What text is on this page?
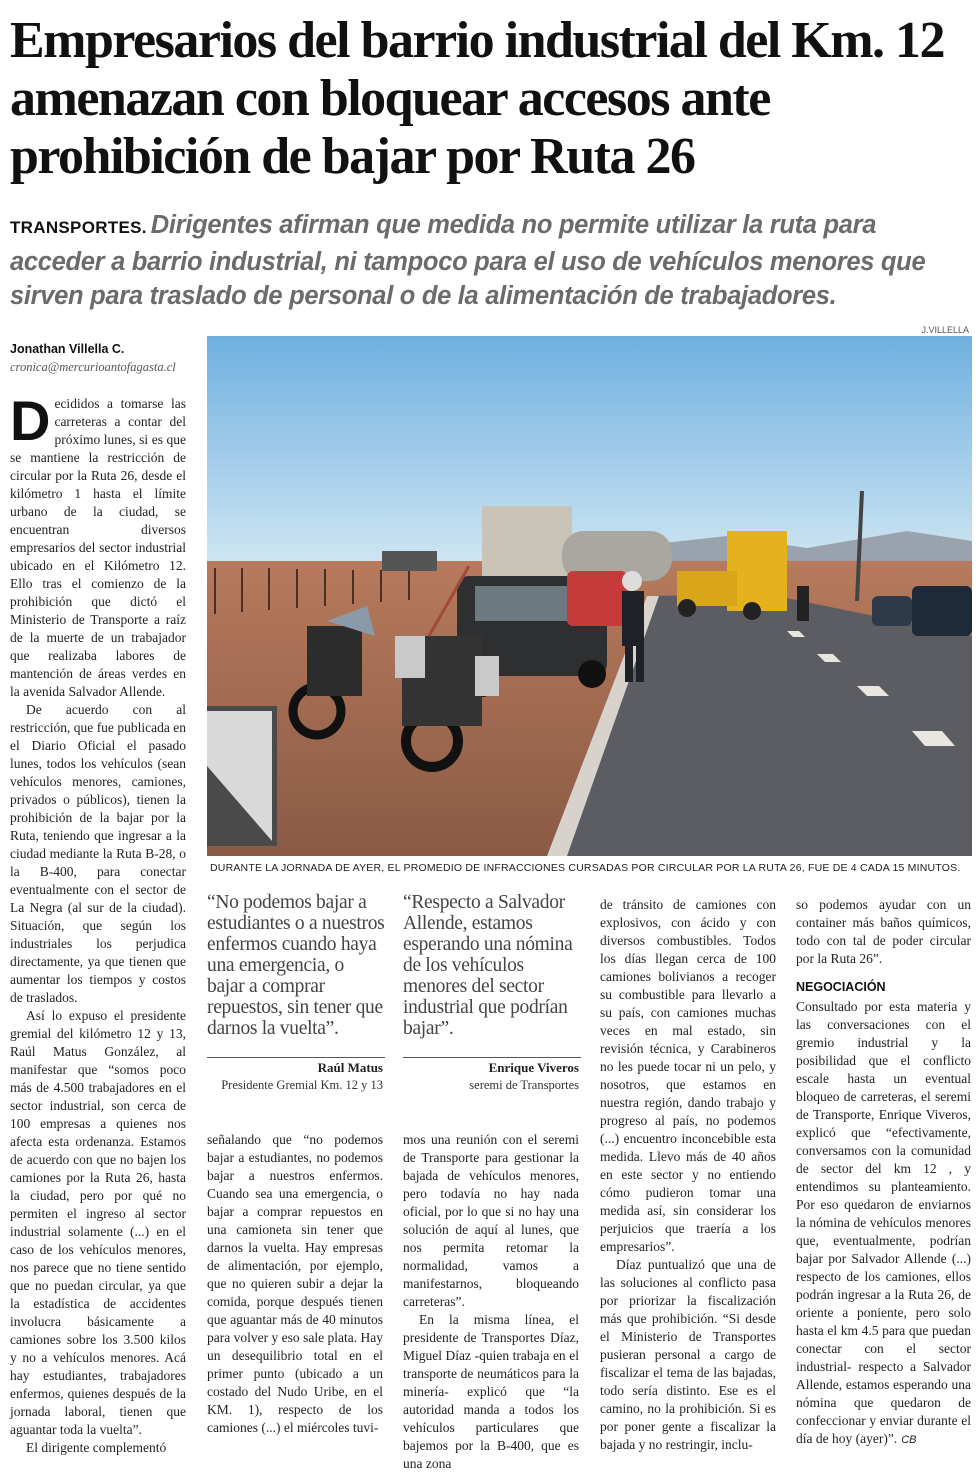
Empresarios del barrio industrial del Km. 12 amenazan con bloquear accesos ante prohibición de bajar por Ruta 26
TRANSPORTES. Dirigentes afirman que medida no permite utilizar la ruta para acceder a barrio industrial, ni tampoco para el uso de vehículos menores que sirven para traslado de personal o de la alimentación de trabajadores.
Jonathan Villella C.
cronica@mercurioantofagasta.cl
J.VILLELLA
DURANTE LA JORNADA DE AYER, EL PROMEDIO DE INFRACCIONES CURSADAS POR CIRCULAR POR LA RUTA 26, FUE DE 4 CADA 15 MINUTOS.

Decididos a tomarse las carreteras a contar del próximo lunes, si es que se mantiene la restricción de circular por la Ruta 26, desde el kilómetro 1 hasta el límite urbano de la ciudad, se encuentran diversos empresarios del sector industrial ubicado en el Kilómetro 12. Ello tras el comienzo de la prohibición que dictó el Ministerio de Transporte a raíz de la muerte de un trabajador que realizaba labores de mantención de áreas verdes en la avenida Salvador Allende.

De acuerdo con al restricción, que fue publicada en el Diario Oficial el pasado lunes, todos los vehículos (sean vehículos menores, camiones, privados o públicos), tienen la prohibición de la bajar por la Ruta, teniendo que ingresar a la ciudad mediante la Ruta B-28, o la B-400, para conectar eventualmente con el sector de La Negra (al sur de la ciudad). Situación, que según los industriales los perjudica directamente, ya que tienen que aumentar los tiempos y costos de traslados.

Así lo expuso el presidente gremial del kilómetro 12 y 13, Raúl Matus González, al manifestar que “somos poco más de 4.500 trabajadores en el sector industrial, son cerca de 100 empresas a quienes nos afecta esta ordenanza. Estamos de acuerdo con que no bajen los camiones por la Ruta 26, hasta la ciudad, pero por qué no permiten el ingreso al sector industrial solamente (...) en el caso de los vehículos menores, nos parece que no tiene sentido que no puedan circular, ya que la estadística de accidentes involucra básicamente a camiones sobre los 3.500 kilos y no a vehículos menores. Acá hay estudiantes, trabajadores enfermos, quienes después de la jornada laboral, tienen que aguantar toda la vuelta”.

El dirigente complementó

“No podemos bajar a estudiantes o a nuestros enfermos cuando haya una emergencia, o bajar a comprar repuestos, sin tener que darnos la vuelta”.
Raúl Matus
Presidente Gremial Km. 12 y 13
“Respecto a Salvador Allende, estamos esperando una nómina de los vehículos menores del sector industrial que podrían bajar”.
Enrique Viveros
seremi de Transportes

señalando que “no podemos bajar a estudiantes, no podemos bajar a nuestros enfermos. Cuando sea una emergencia, o bajar a comprar repuestos en una camioneta sin tener que darnos la vuelta. Hay empresas de alimentación, por ejemplo, que no quieren subir a dejar la comida, porque después tienen que aguantar más de 40 minutos para volver y eso sale plata. Hay un desequilibrio total en el primer punto (ubicado a un costado del Nudo Uribe, en el KM. 1), respecto de los camiones (...) el miércoles tuvi-

mos una reunión con el seremi de Transporte para gestionar la bajada de vehículos menores, pero todavía no hay nada oficial, por lo que si no hay una solución de aquí al lunes, que nos permita retomar la normalidad, vamos a manifestarnos, bloqueando carreteras”.

En la misma línea, el presidente de Transportes Díaz, Miguel Díaz -quien trabaja en el transporte de neumáticos para la minería- explicó que “la autoridad manda a todos los vehículos particulares que bajemos por la B-400, que es una zona

de tránsito de camiones con explosivos, con ácido y con diversos combustibles. Todos los días llegan cerca de 100 camiones bolivianos a recoger su combustible para llevarlo a su país, con camiones muchas veces en mal estado, sin revisión técnica, y Carabineros no les puede tocar ni un pelo, y nosotros, que estamos en nuestra región, dando trabajo y progreso al país, no podemos (...) encuentro inconcebible esta medida. Llevo más de 40 años en este sector y no entiendo cómo pudieron tomar una medida así, sin considerar los perjuicios que traería a los empresarios”.

Díaz puntualizó que una de las soluciones al conflicto pasa por priorizar la fiscalización más que prohibición. “Si desde el Ministerio de Transportes pusieran personal a cargo de fiscalizar el tema de las bajadas, todo sería distinto. Ese es el camino, no la prohibición. Si es por poner gente a fiscalizar la bajada y no restringir, inclu-

so podemos ayudar con un container más baños químicos, todo con tal de poder circular por la Ruta 26”.

NEGOCIACIÓN

Consultado por esta materia y las conversaciones con el gremio industrial y la posibilidad que el conflicto escale hasta un eventual bloqueo de carreteras, el seremi de Transporte, Enrique Viveros, explicó que “efectivamente, conversamos con la comunidad de sector del km 12 , y entendimos su planteamiento. Por eso quedaron de enviarnos la nómina de vehículos menores que, eventualmente, podrían bajar por Salvador Allende (...) respecto de los camiones, ellos podrán ingresar a la Ruta 26, de oriente a poniente, pero solo hasta el km 4.5 para que puedan conectar con el sector industrial- respecto a Salvador Allende, estamos esperando una nómina que quedaron de confeccionar y enviar durante el día de hoy (ayer)”. CB
